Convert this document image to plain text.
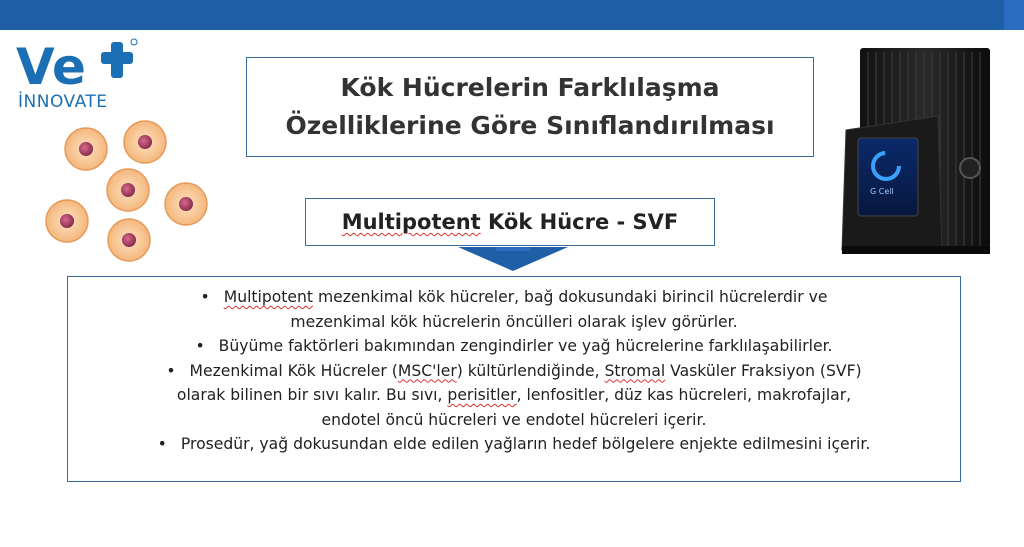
Ve
İNNOVATE	Kök Hücrelerin Farklılaşma
Özelliklerine Göre Sınıflandırılması
Multipotent Kök Hücre - SVF
• Multipotent mezenkimal kök hücreler, bağ dokusundaki birincil hücrelerdir ve
mezenkimal kök hücrelerin öncülleri olarak işlev görürler.
• Büyüme faktörleri bakımından zengindirler ve yağ hücrelerine farklılaşabilirler.
• Mezenkimal Kök Hücreler (MSC'ler) kültürlendiğinde, Stromal Vasküler Fraksiyon (SVF)
olarak bilinen bir sıvı kalır. Bu sıvı, perisitler, lenfositler, düz kas hücreleri, makrofajlar,
endotel öncü hücreleri ve endotel hücreleri içerir.
• Prosedür, yağ dokusundan elde edilen yağların hedef bölgelere enjekte edilmesini içerir.
G Cell
